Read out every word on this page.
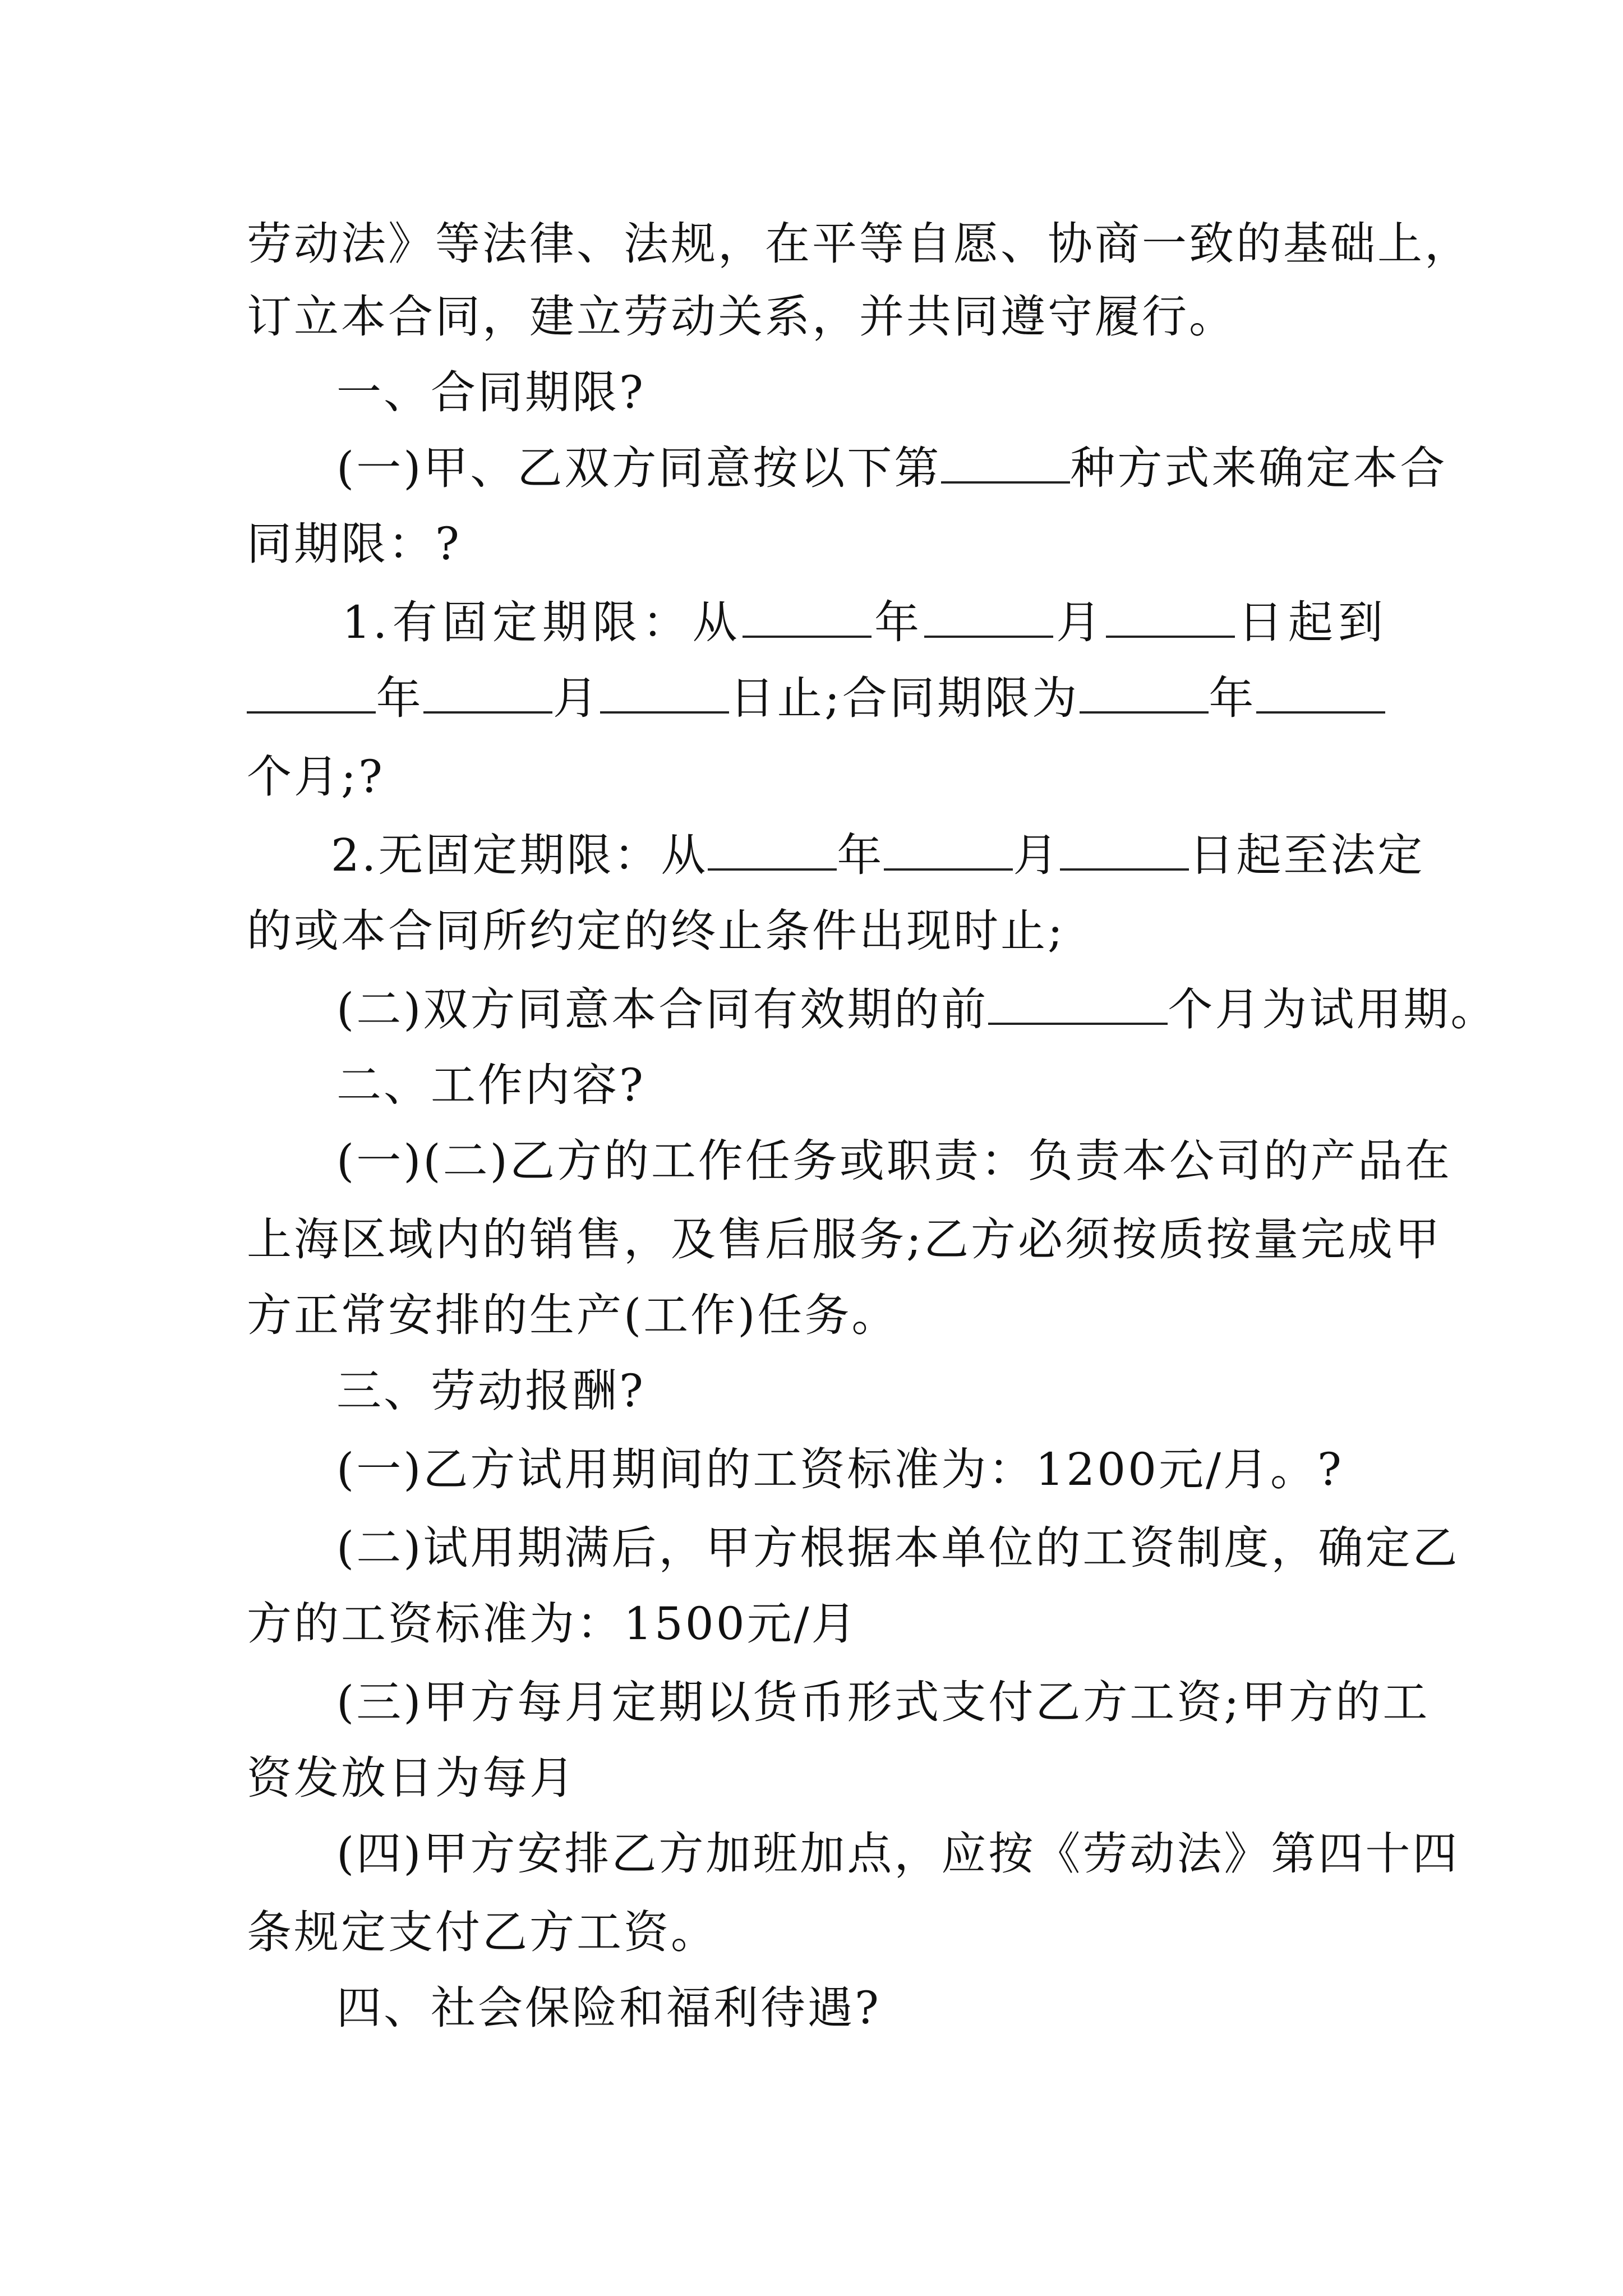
劳动法》等法律、法规，在平等自愿、协商一致的基础上，
订立本合同，建立劳动关系，并共同遵守履行。
一、合同期限?
(一)甲、乙双方同意按以下第	种方式来确定本合
同期限：?
1.有固定期限：从	年	月	日起到
年	月	日止;合同期限为	年
个月;?
2.无固定期限：从	年	月	日起至法定
的或本合同所约定的终止条件出现时止;
(二)双方同意本合同有效期的前	个月为试用期。
二、工作内容?
(一)(二)乙方的工作任务或职责：负责本公司的产品在
上海区域内的销售，及售后服务;乙方必须按质按量完成甲
方正常安排的生产(工作)任务。
三、劳动报酬?
(一)乙方试用期间的工资标准为：1200元/月。?
(二)试用期满后，甲方根据本单位的工资制度，确定乙
方的工资标准为：1500元/月
(三)甲方每月定期以货币形式支付乙方工资;甲方的工
资发放日为每月
(四)甲方安排乙方加班加点，应按《劳动法》第四十四
条规定支付乙方工资。
四、社会保险和福利待遇?
